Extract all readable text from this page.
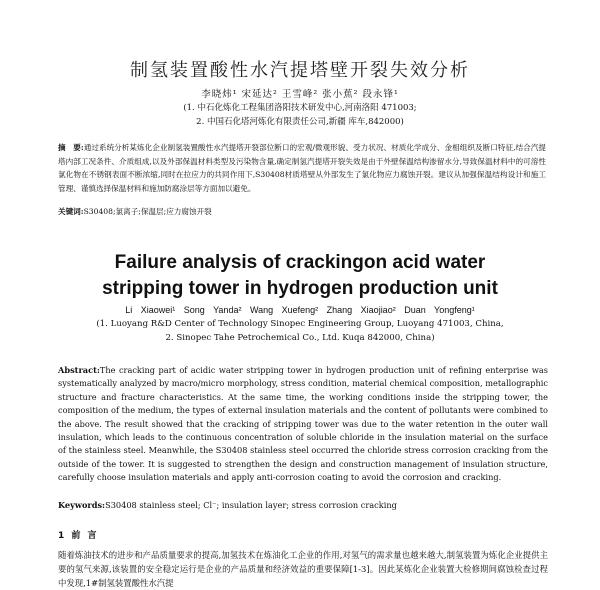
制氢装置酸性水汽提塔壁开裂失效分析
李晓炜¹ 宋延达² 王雪峰² 张小蕉² 段永锋¹
(1. 中石化炼化工程集团洛阳技术研发中心,河南洛阳 471003;
2. 中国石化塔河炼化有限责任公司,新疆 库车,842000)
摘　要:通过系统分析某炼化企业制氢装置酸性水汽提塔开裂部位断口的宏观/微观形貌、受力状况、材质化学成分、金相组织及断口特征,结合汽提塔内部工况条件、介质组成,以及外部保温材料类型及污染物含量,确定制氢汽提塔开裂失效是由于外壁保温结构渗留水分,导致保温材料中的可溶性氯化物在不锈钢表面不断浓缩,同时在拉应力的共同作用下,S30408材质塔壁从外部发生了氯化物应力腐蚀开裂。建议从加强保温结构设计和施工管理、谨慎选择保温材料和施加防腐涂层等方面加以避免。
关键词:S30408;氯离子;保温层;应力腐蚀开裂
Failure analysis of crackingon acid water
stripping tower in hydrogen production unit
Li Xiaowei¹ Song Yanda² Wang Xuefeng² Zhang Xiaojiao² Duan Yongfeng¹
(1. Luoyang R&D Center of Technology Sinopec Engineering Group, Luoyang 471003, China,
2. Sinopec Tahe Petrochemical Co., Ltd. Kuqa 842000, China)
Abstract:The cracking part of acidic water stripping tower in hydrogen production unit of refining enterprise was systematically analyzed by macro/micro morphology, stress condition, material chemical composition, metallographic structure and fracture characteristics. At the same time, the working conditions inside the stripping tower, the composition of the medium, the types of external insulation materials and the content of pollutants were combined to the above. The result showed that the cracking of stripping tower was due to the water retention in the outer wall insulation, which leads to the continuous concentration of soluble chloride in the insulation material on the surface of the stainless steel. Meanwhile, the S30408 stainless steel occurred the chloride stress corrosion cracking from the outside of the tower. It is suggested to strengthen the design and construction management of insulation structure, carefully choose insulation materials and apply anti-corrosion coating to avoid the corrosion and cracking.
Keywords:S30408 stainless steel; Cl⁻; insulation layer; stress corrosion cracking
1 前 言
随着炼油技术的进步和产品质量要求的提高,加氢技术在炼油化工企业的作用,对氢气的需求量也越来越大,制氢装置为炼化企业提供主要的氢气来源,该装置的安全稳定运行是企业的产品质量和经济效益的重要保障[1-3]。因此某炼化企业装置大检修期间腐蚀检查过程中发现,1#制氢装置酸性水汽提
